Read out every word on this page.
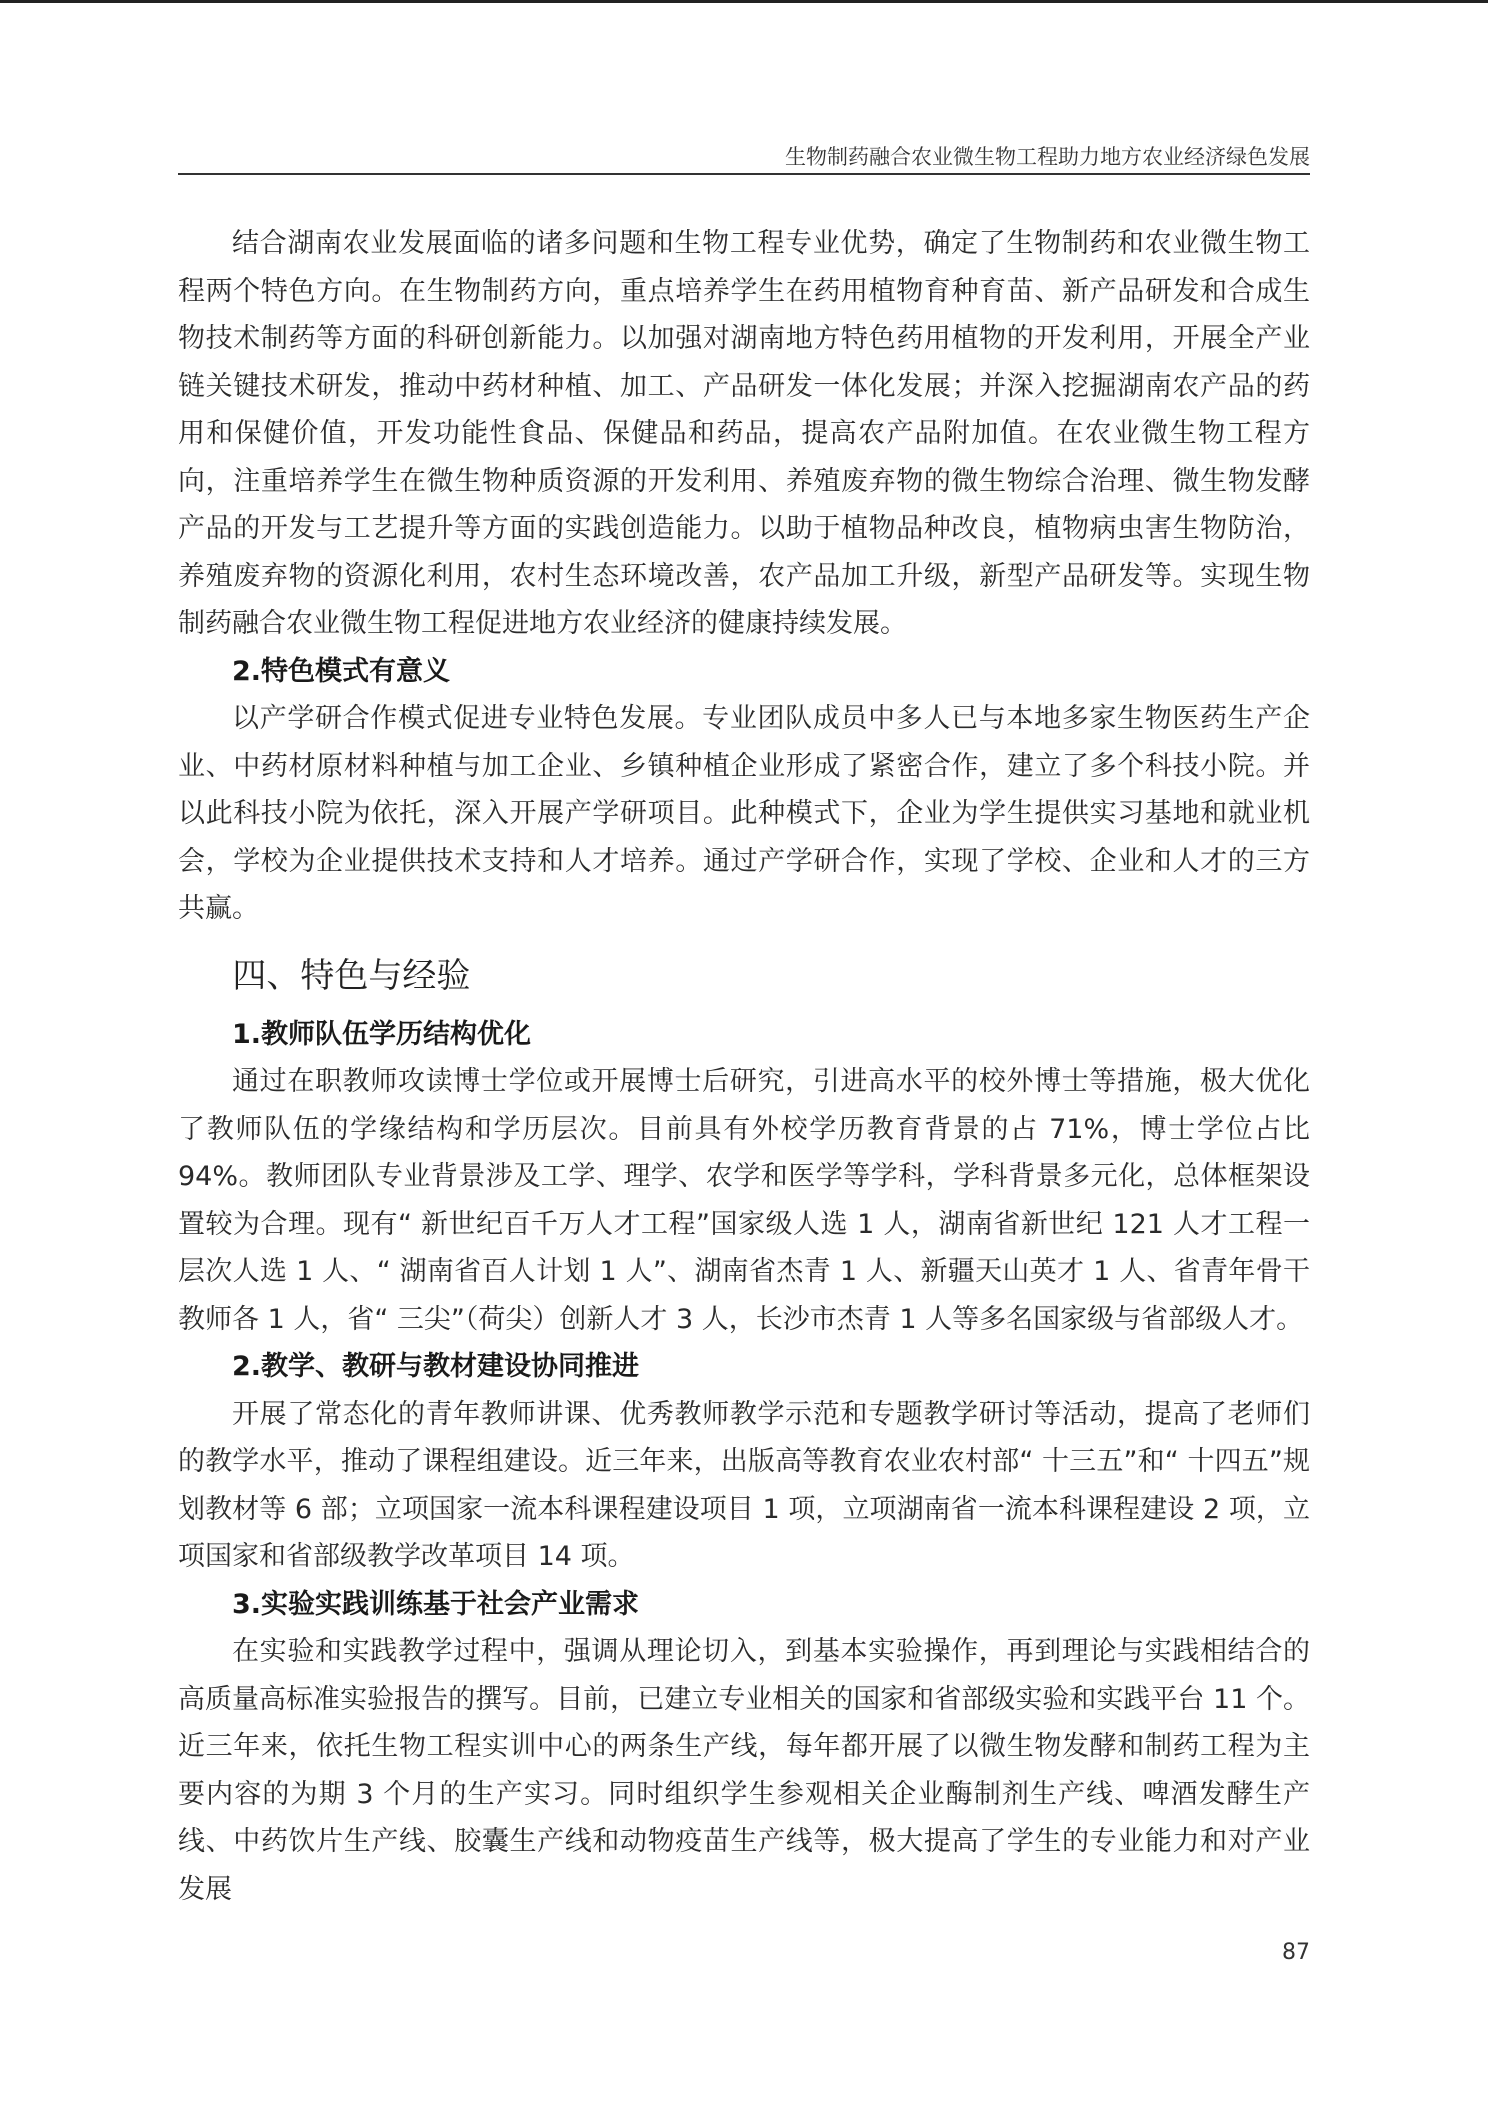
生物制药融合农业微生物工程助力地方农业经济绿色发展

结合湖南农业发展面临的诸多问题和生物工程专业优势，确定了生物制药和农业微生物工程两个特色方向。在生物制药方向，重点培养学生在药用植物育种育苗、新产品研发和合成生物技术制药等方面的科研创新能力。以加强对湖南地方特色药用植物的开发利用，开展全产业链关键技术研发，推动中药材种植、加工、产品研发一体化发展；并深入挖掘湖南农产品的药用和保健价值，开发功能性食品、保健品和药品，提高农产品附加值。在农业微生物工程方向，注重培养学生在微生物种质资源的开发利用、养殖废弃物的微生物综合治理、微生物发酵产品的开发与工艺提升等方面的实践创造能力。以助于植物品种改良，植物病虫害生物防治，养殖废弃物的资源化利用，农村生态环境改善，农产品加工升级，新型产品研发等。实现生物制药融合农业微生物工程促进地方农业经济的健康持续发展。

2.特色模式有意义

以产学研合作模式促进专业特色发展。专业团队成员中多人已与本地多家生物医药生产企业、中药材原材料种植与加工企业、乡镇种植企业形成了紧密合作，建立了多个科技小院。并以此科技小院为依托，深入开展产学研项目。此种模式下，企业为学生提供实习基地和就业机会，学校为企业提供技术支持和人才培养。通过产学研合作，实现了学校、企业和人才的三方共赢。

四、特色与经验

1.教师队伍学历结构优化

通过在职教师攻读博士学位或开展博士后研究，引进高水平的校外博士等措施，极大优化了教师队伍的学缘结构和学历层次。目前具有外校学历教育背景的占 71%，博士学位占比 94%。教师团队专业背景涉及工学、理学、农学和医学等学科，学科背景多元化，总体框架设置较为合理。现有“ 新世纪百千万人才工程”国家级人选 1 人，湖南省新世纪 121 人才工程一层次人选 1 人、“ 湖南省百人计划 1 人”、湖南省杰青 1 人、新疆天山英才 1 人、省青年骨干教师各 1 人，省“ 三尖”（荷尖）创新人才 3 人，长沙市杰青 1 人等多名国家级与省部级人才。

2.教学、教研与教材建设协同推进

开展了常态化的青年教师讲课、优秀教师教学示范和专题教学研讨等活动，提高了老师们的教学水平，推动了课程组建设。近三年来，出版高等教育农业农村部“ 十三五”和“ 十四五”规划教材等 6 部；立项国家一流本科课程建设项目 1 项，立项湖南省一流本科课程建设 2 项，立项国家和省部级教学改革项目 14 项。

3.实验实践训练基于社会产业需求

在实验和实践教学过程中，强调从理论切入，到基本实验操作，再到理论与实践相结合的高质量高标准实验报告的撰写。目前，已建立专业相关的国家和省部级实验和实践平台 11 个。近三年来，依托生物工程实训中心的两条生产线，每年都开展了以微生物发酵和制药工程为主要内容的为期 3 个月的生产实习。同时组织学生参观相关企业酶制剂生产线、啤酒发酵生产线、中药饮片生产线、胶囊生产线和动物疫苗生产线等，极大提高了学生的专业能力和对产业发展

87
